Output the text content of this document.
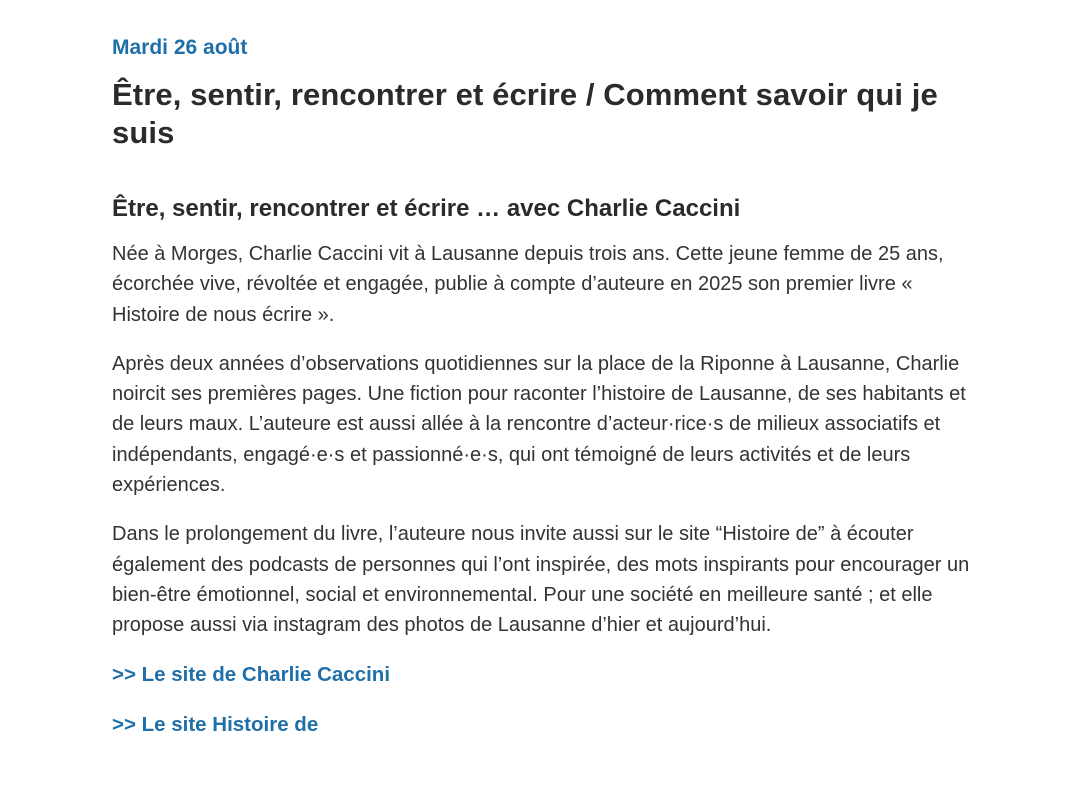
Mardi 26 août
Être, sentir, rencontrer et écrire / Comment savoir qui je suis
Être, sentir, rencontrer et écrire … avec Charlie Caccini

Née à Morges, Charlie Caccini vit à Lausanne depuis trois ans. Cette jeune femme de 25 ans, écorchée vive, révoltée et engagée, publie à compte d’auteure en 2025 son premier livre « Histoire de nous écrire ».

Après deux années d’observations quotidiennes sur la place de la Riponne à Lausanne, Charlie noircit ses premières pages. Une fiction pour raconter l’histoire de Lausanne, de ses habitants et de leurs maux. L’auteure est aussi allée à la rencontre d’acteur·rice·s de milieux associatifs et indépendants, engagé·e·s et passionné·e·s, qui ont témoigné de leurs activités et de leurs expériences.

Dans le prolongement du livre, l’auteure nous invite aussi sur le site “Histoire de” à écouter également des podcasts de personnes qui l’ont inspirée, des mots inspirants pour encourager un bien-être émotionnel, social et environnemental. Pour une société en meilleure santé ; et elle propose aussi via instagram des photos de Lausanne d’hier et aujourd’hui.

>> Le site de Charlie Caccini
>> Le site Histoire de
